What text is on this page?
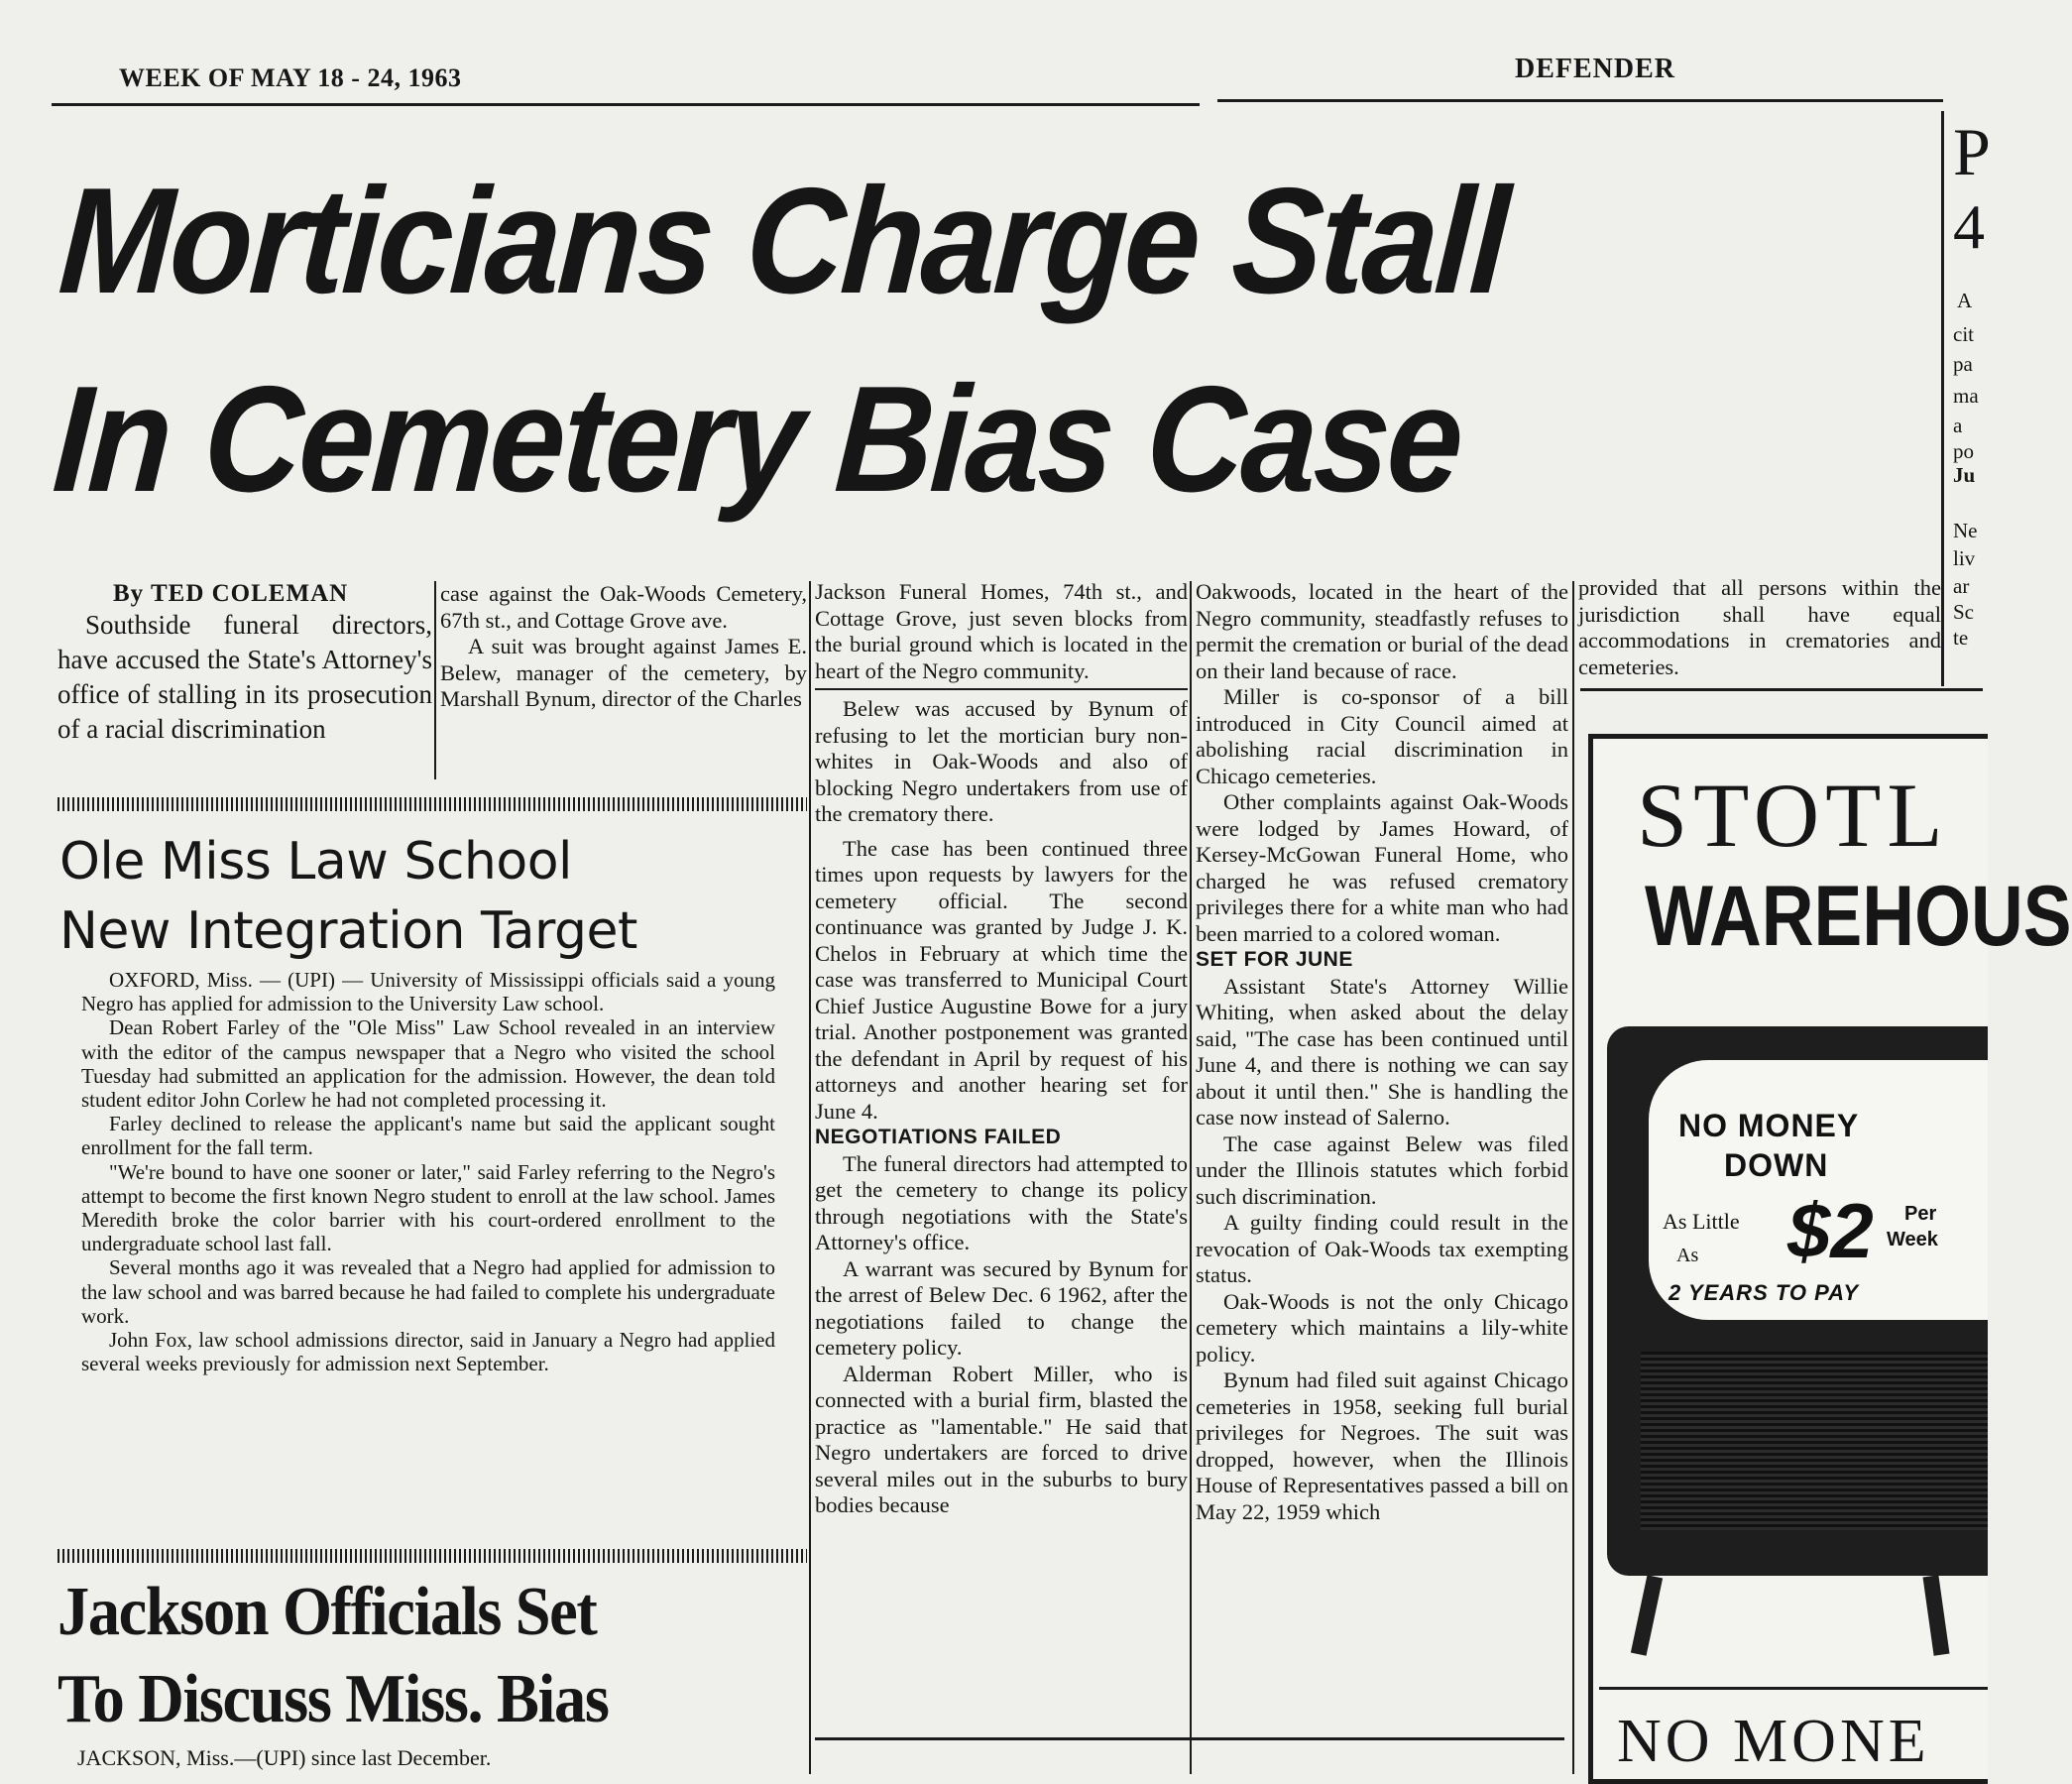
WEEK OF MAY 18 - 24, 1963	DEFENDER
Morticians Charge Stall
In Cemetery Bias Case
By TED COLEMAN

Southside funeral directors, have accused the State's Attorney's office of stalling in its prosecution of a racial discrimination

case against the Oak-Woods Cemetery, 67th st., and Cottage Grove ave.

A suit was brought against James E. Belew, manager of the cemetery, by Marshall Bynum, director of the Charles

Jackson Funeral Homes, 74th st., and Cottage Grove, just seven blocks from the burial ground which is located in the heart of the Negro community.

Belew was accused by Bynum of refusing to let the mortician bury non-whites in Oak-Woods and also of blocking Negro undertakers from use of the crematory there.

The case has been continued three times upon requests by lawyers for the cemetery official. The second continuance was granted by Judge J. K. Chelos in February at which time the case was transferred to Municipal Court Chief Justice Augustine Bowe for a jury trial. Another postponement was granted the defendant in April by request of his attorneys and another hearing set for June 4.

NEGOTIATIONS FAILED

The funeral directors had attempted to get the cemetery to change its policy through negotiations with the State's Attorney's office.

A warrant was secured by Bynum for the arrest of Belew Dec. 6 1962, after the negotiations failed to change the cemetery policy.

Alderman Robert Miller, who is connected with a burial firm, blasted the practice as "lamentable." He said that Negro undertakers are forced to drive several miles out in the suburbs to bury bodies because

Oakwoods, located in the heart of the Negro community, steadfastly refuses to permit the cremation or burial of the dead on their land because of race.

Miller is co-sponsor of a bill introduced in City Council aimed at abolishing racial discrimination in Chicago cemeteries.

Other complaints against Oak-Woods were lodged by James Howard, of Kersey-McGowan Funeral Home, who charged he was refused crematory privileges there for a white man who had been married to a colored woman.

SET FOR JUNE

Assistant State's Attorney Willie Whiting, when asked about the delay said, "The case has been continued until June 4, and there is nothing we can say about it until then." She is handling the case now instead of Salerno.

The case against Belew was filed under the Illinois statutes which forbid such discrimination.

A guilty finding could result in the revocation of Oak-Woods tax exempting status.

Oak-Woods is not the only Chicago cemetery which maintains a lily-white policy.

Bynum had filed suit against Chicago cemeteries in 1958, seeking full burial privileges for Negroes. The suit was dropped, however, when the Illinois House of Representatives passed a bill on May 22, 1959 which

provided that all persons within the jurisdiction shall have equal accommodations in crematories and cemeteries.

Ole Miss Law School
New Integration Target

OXFORD, Miss. — (UPI) — University of Mississippi officials said a young Negro has applied for admission to the University Law school.

Dean Robert Farley of the "Ole Miss" Law School revealed in an interview with the editor of the campus newspaper that a Negro who visited the school Tuesday had submitted an application for the admission. However, the dean told student editor John Corlew he had not completed processing it.

Farley declined to release the applicant's name but said the applicant sought enrollment for the fall term.

"We're bound to have one sooner or later," said Farley referring to the Negro's attempt to become the first known Negro student to enroll at the law school. James Meredith broke the color barrier with his court-ordered enrollment to the undergraduate school last fall.

Several months ago it was revealed that a Negro had applied for admission to the law school and was barred because he had failed to complete his undergraduate work.

John Fox, law school admissions director, said in January a Negro had applied several weeks previously for admission next September.

Jackson Officials Set
To Discuss Miss. Bias
JACKSON, Miss.—(UPI) since last December.
P
4
A
cit
pa
ma
a
po
Ju
Ne
liv
ar
Sc
te
STOTL
WAREHOUS
NO MONEY
DOWN
As Little
As $2 Per
Week
2 YEARS TO PAY
NO MONE
